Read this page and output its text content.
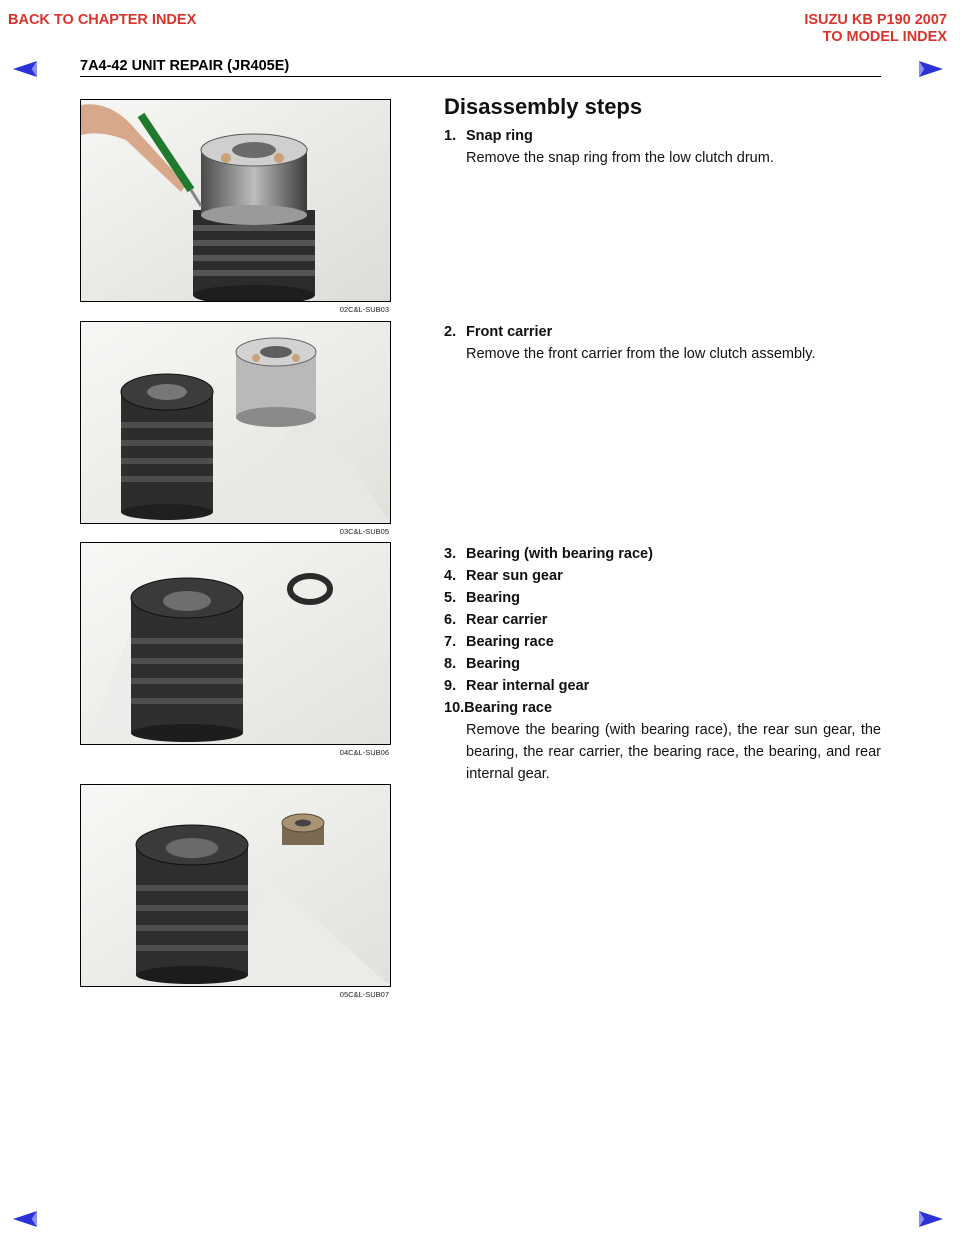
BACK TO CHAPTER INDEX	ISUZU KB P190 2007
TO MODEL INDEX
7A4-42 UNIT REPAIR (JR405E)
02C&L-SUB03
03C&L-SUB05
04C&L-SUB06
05C&L-SUB07
Disassembly steps
1. Snap ring
Remove the snap ring from the low clutch drum.
2. Front carrier
Remove the front carrier from the low clutch assembly.
3. Bearing (with bearing race)
4. Rear sun gear
5. Bearing
6. Rear carrier
7. Bearing race
8. Bearing
9. Rear internal gear
10.Bearing race
Remove the bearing (with bearing race), the rear sun gear, the bearing, the rear carrier, the bearing race, the bearing, and rear internal gear.
